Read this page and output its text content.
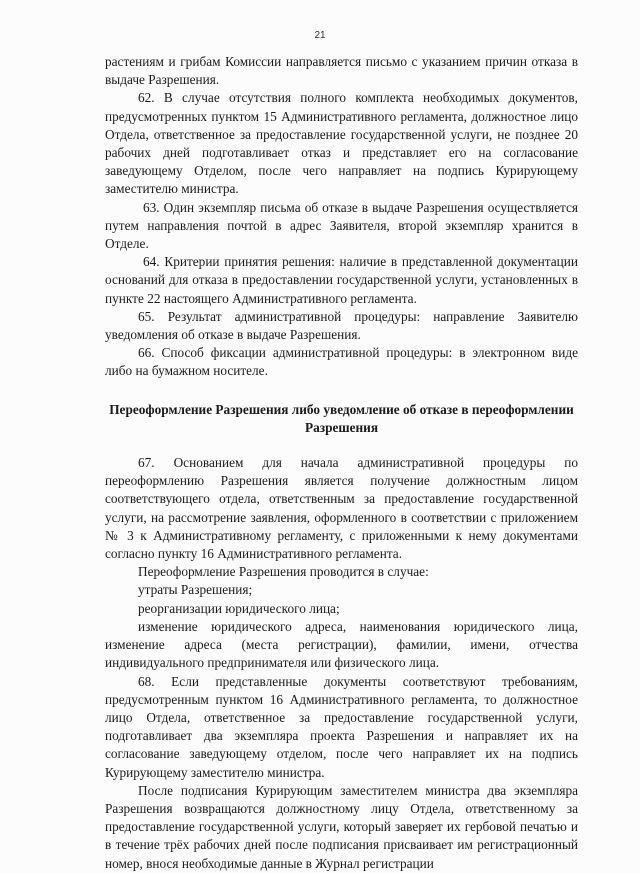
21

растениям и грибам Комиссии направляется письмо с указанием причин отказа в выдаче Разрешения.

62. В случае отсутствия полного комплекта необходимых документов, предусмотренных пунктом 15 Административного регламента, должностное лицо Отдела, ответственное за предоставление государственной услуги, не позднее 20 рабочих дней подготавливает отказ и представляет его на согласование заведующему Отделом, после чего направляет на подпись Курирующему заместителю министра.

63. Один экземпляр письма об отказе в выдаче Разрешения осуществляется путем направления почтой в адрес Заявителя, второй экземпляр хранится в Отделе.

64. Критерии принятия решения: наличие в представленной документации оснований для отказа в предоставлении государственной услуги, установленных в пункте 22 настоящего Административного регламента.

65. Результат административной процедуры: направление Заявителю уведомления об отказе в выдаче Разрешения.

66. Способ фиксации административной процедуры: в электронном виде либо на бумажном носителе.

Переоформление Разрешения либо уведомление об отказе в переоформлении Разрешения

67. Основанием для начала административной процедуры по переоформлению Разрешения является получение должностным лицом соответствующего отдела, ответственным за предоставление государственной услуги, на рассмотрение заявления, оформленного в соответствии с приложением № 3 к Административному регламенту, с приложенными к нему документами согласно пункту 16 Административного регламента.

Переоформление Разрешения проводится в случае:

утраты Разрешения;

реорганизации юридического лица;

изменение юридического адреса, наименования юридического лица, изменение адреса (места регистрации), фамилии, имени, отчества индивидуального предпринимателя или физического лица.

68. Если представленные документы соответствуют требованиям, предусмотренным пунктом 16 Административного регламента, то должностное лицо Отдела, ответственное за предоставление государственной услуги, подготавливает два экземпляра проекта Разрешения и направляет их на согласование заведующему отделом, после чего направляет их на подпись Курирующему заместителю министра.

После подписания Курирующим заместителем министра два экземпляра Разрешения возвращаются должностному лицу Отдела, ответственному за предоставление государственной услуги, который заверяет их гербовой печатью и в течение трёх рабочих дней после подписания присваивает им регистрационный номер, внося необходимые данные в Журнал регистрации
